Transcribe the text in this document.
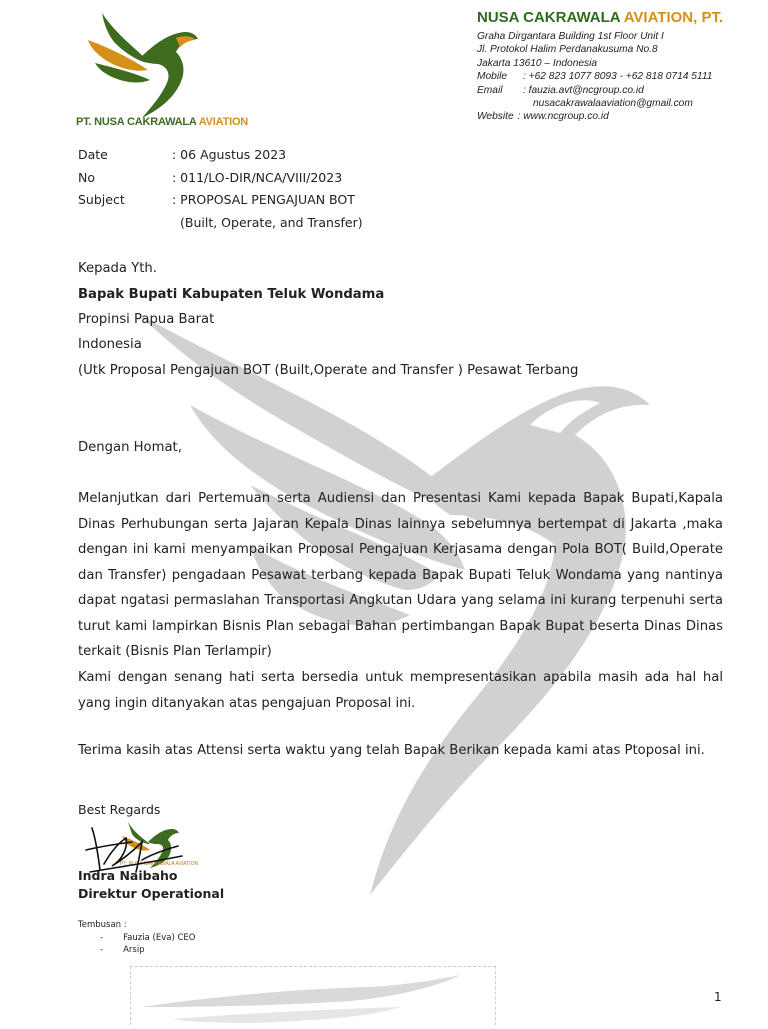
PT. NUSA CAKRAWALA AVIATION
NUSA CAKRAWALA AVIATION, PT.
Graha Dirgantara Building 1st Floor Unit I
Jl. Protokol Halim Perdanakusuma No.8
Jakarta 13610 – Indonesia
Mobile : +62 823 1077 8093 - +62 818 0714 5111
Email : fauzia.avt@ncgroup.co.id
nusacakrawalaaviation@gmail.com
Website : www.ncgroup.co.id
Date	: 06 Agustus 2023
No	: 011/LO-DIR/NCA/VIII/2023
Subject	: PROPOSAL PENGAJUAN BOT
(Built, Operate, and Transfer)
Kepada Yth.
Bapak Bupati Kabupaten Teluk Wondama
Propinsi Papua Barat
Indonesia
(Utk Proposal Pengajuan BOT (Built,Operate and Transfer ) Pesawat Terbang
Dengan Homat,
Melanjutkan dari Pertemuan serta Audiensi dan Presentasi Kami kepada Bapak Bupati,Kapala Dinas Perhubungan serta Jajaran Kepala Dinas lainnya sebelumnya bertempat di Jakarta ,maka dengan ini kami menyampaikan Proposal Pengajuan Kerjasama dengan Pola BOT( Build,Operate dan Transfer) pengadaan Pesawat terbang kepada Bapak Bupati Teluk Wondama yang nantinya dapat ngatasi permaslahan Transportasi Angkutan Udara yang selama ini kurang terpenuhi serta turut kami lampirkan Bisnis Plan sebagai Bahan pertimbangan Bapak Bupat beserta Dinas Dinas terkait (Bisnis Plan Terlampir)
Kami dengan senang hati serta bersedia untuk mempresentasikan apabila masih ada hal hal yang ingin ditanyakan atas pengajuan Proposal ini.
Terima kasih atas Attensi serta waktu yang telah Bapak Berikan kepada kami atas Ptoposal ini.
Best Regards
PT. NUSA CAKRAWALA AVIATION
Indra Naibaho
Direktur Operational
Tembusan :
- Fauzia (Eva) CEO
- Arsip
1
